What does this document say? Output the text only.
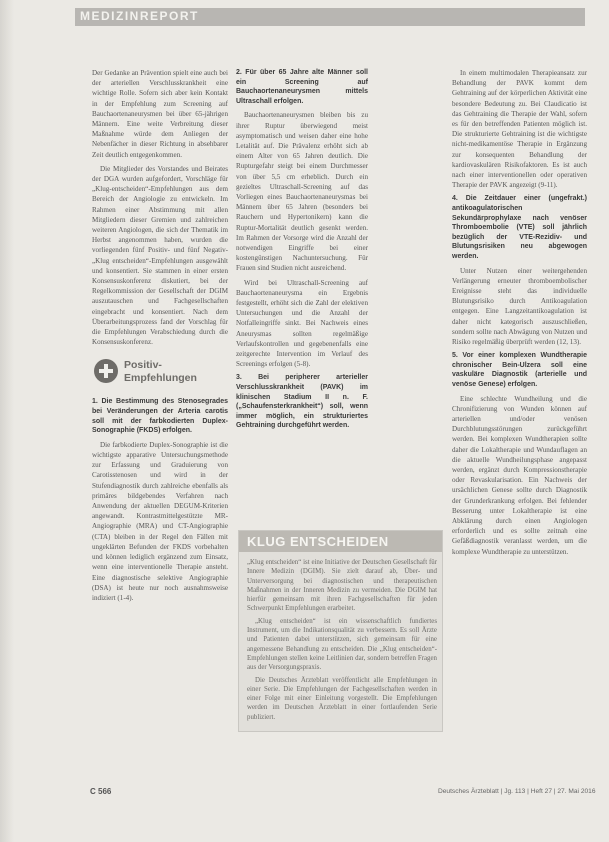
MEDIZINREPORT

Der Gedanke an Prävention spielt eine auch bei der arteriellen Verschlusskrankheit eine wichtige Rolle. Sofern sich aber kein Kontakt in der Empfehlung zum Screening auf Bauchaortenaneurysmen bei über 65-jährigen Männern. Eine weite Verbreitung dieser Maßnahme würde dem Anliegen der Nebenfächer in dieser Richtung in absehbarer Zeit deutlich entgegenkommen.

Die Mitglieder des Vorstandes und Beirates der DGA wurden aufgefordert, Vorschläge für „Klug-entscheiden“-Empfehlungen aus dem Bereich der Angiologie zu entwickeln. Im Rahmen einer Abstimmung mit allen Mitgliedern dieser Gremien und zahlreichen weiteren Angiologen, die sich der Thematik im Herbst angenommen haben, wurden die vorliegenden fünf Positiv- und fünf Negativ-„Klug entscheiden“-Empfehlungen ausgewählt und konsentiert. Sie stammen in einer ersten Konsensuskonferenz diskutiert, bei der Regelkommission der Gesellschaft der DGIM auszutauschen und Fachgesellschaften eingebracht und konsentiert. Nach dem Überarbeitungsprozess fand der Vorschlag für die Empfehlungen Verabschiedung durch die Konsensuskonferenz.

Positiv-
Empfehlungen

1. Die Bestimmung des Stenosegrades bei Veränderungen der Arteria carotis soll mit der farbkodierten Duplex-Sonographie (FKDS) erfolgen.

Die farbkodierte Duplex-Sonographie ist die wichtigste apparative Untersuchungsmethode zur Erfassung und Graduierung von Carotisstenosen und wird in der Stufendiagnostik durch zahlreiche ebenfalls als primäres bildgebendes Verfahren nach Anwendung der aktuellen DEGUM-Kriterien angewandt. Kontrastmittelgestützte MR-Angiographie (MRA) und CT-Angiographie (CTA) bleiben in der Regel den Fällen mit ungeklärten Befunden der FKDS vorbehalten und können lediglich ergänzend zum Einsatz, wenn eine interventionelle Therapie ansteht. Eine diagnostische selektive Angiographie (DSA) ist heute nur noch ausnahmsweise indiziert (1-4).

2. Für über 65 Jahre alte Männer soll ein Screening auf Bauchaortenaneurysmen mittels Ultraschall erfolgen.

Bauchaortenaneurysmen bleiben bis zu ihrer Ruptur überwiegend meist asymptomatisch und weisen daher eine hohe Letalität auf. Die Prävalenz erhöht sich ab einem Alter von 65 Jahren deutlich. Die Rupturgefahr steigt bei einem Durchmesser von über 5,5 cm erheblich. Durch ein gezieltes Ultraschall-Screening auf das Vorliegen eines Bauchaortenaneurysmas bei Männern über 65 Jahren (besonders bei Rauchern und Hypertonikern) kann die Ruptur-Mortalität deutlich gesenkt werden. Im Rahmen der Vorsorge wird die Anzahl der notwendigen Eingriffe bei einer kostengünstigen Nachuntersuchung. Für Frauen sind Studien nicht ausreichend.

Wird bei Ultraschall-Screening auf Bauchaortenaneurysma ein Ergebnis festgestellt, erhöht sich die Zahl der elektiven Untersuchungen und die Anzahl der Notfalleingriffe sinkt. Bei Nachweis eines Aneurysmas sollten regelmäßige Verlaufskontrollen und gegebenenfalls eine zeitgerechte Intervention im Verlauf des Screenings erfolgen (5-8).

3. Bei peripherer arterieller Verschlusskrankheit (PAVK) im klinischen Stadium II n. F. („Schaufensterkrankheit“) soll, wenn immer möglich, ein strukturiertes Gehtraining durchgeführt werden.

KLUG ENTSCHEIDEN

„Klug entscheiden“ ist eine Initiative der Deutschen Gesellschaft für Innere Medizin (DGIM). Sie zielt darauf ab, Über- und Unterversorgung bei diagnostischen und therapeutischen Maßnahmen in der Inneren Medizin zu vermeiden. Die DGIM hat hierfür gemeinsam mit ihren Fachgesellschaften für jeden Schwerpunkt Empfehlungen erarbeitet.

„Klug entscheiden“ ist ein wissenschaftlich fundiertes Instrument, um die Indikationsqualität zu verbessern. Es soll Ärzte und Patienten dabei unterstützen, sich gemeinsam für eine angemessene Behandlung zu entscheiden. Die „Klug entscheiden“-Empfehlungen stellen keine Leitlinien dar, sondern betreffen Fragen aus der Versorgungspraxis.

Die Deutsches Ärzteblatt veröffentlicht alle Empfehlungen in einer Serie. Die Empfehlungen der Fachgesellschaften werden in einer Folge mit einer Einleitung vorgestellt. Die Empfehlungen werden im Deutschen Ärzteblatt in einer fortlaufenden Serie publiziert.

In einem multimodalen Therapieansatz zur Behandlung der PAVK kommt dem Gehtraining auf der körperlichen Aktivität eine besondere Bedeutung zu. Bei Claudicatio ist das Gehtraining die Therapie der Wahl, sofern es für den betreffenden Patienten möglich ist. Die strukturierte Gehtraining ist die wichtigste nicht-medikamentöse Therapie in Ergänzung zur konsequenten Behandlung der kardiovaskulären Risikofaktoren. Es ist auch nach einer interventionellen oder operativen Therapie der PAVK angezeigt (9-11).

4. Die Zeitdauer einer (ungefrakt.) antikoagulatorischen Sekundärprophylaxe nach venöser Thromboembolie (VTE) soll jährlich bezüglich der VTE-Rezidiv- und Blutungsrisiken neu abgewogen werden.

Unter Nutzen einer weitergehenden Verlängerung erneuter thromboembolischer Ereignisse steht das individuelle Blutungsrisiko durch Antikoagulation entgegen. Eine Langzeitantikoagulation ist daher nicht kategorisch auszuschließen, sondern sollte nach Abwägung von Nutzen und Risiko regelmäßig überprüft werden (12, 13).

5. Vor einer komplexen Wundtherapie chronischer Bein-Ulzera soll eine vaskuläre Diagnostik (arterielle und venöse Genese) erfolgen.

Eine schlechte Wundheilung und die Chronifizierung von Wunden können auf arteriellen und/oder venösen Durchblutungsstörungen zurückgeführt werden. Bei komplexen Wundtherapien sollte daher die Lokaltherapie und Wundauflagen an die aktuelle Wundheilungsphase angepasst werden, ergänzt durch Kompressionstherapie oder Revaskularisation. Ein Nachweis der ursächlichen Genese sollte durch Diagnostik der Grunderkrankung erfolgen. Bei fehlender Besserung unter Lokaltherapie ist eine Abklärung durch einen Angiologen erforderlich und es sollte zeitnah eine Gefäßdiagnostik veranlasst werden, um die komplexe Wundtherapie zu unterstützen.

C 566	Deutsches Ärzteblatt | Jg. 113 | Heft 27 | 27. Mai 2016
